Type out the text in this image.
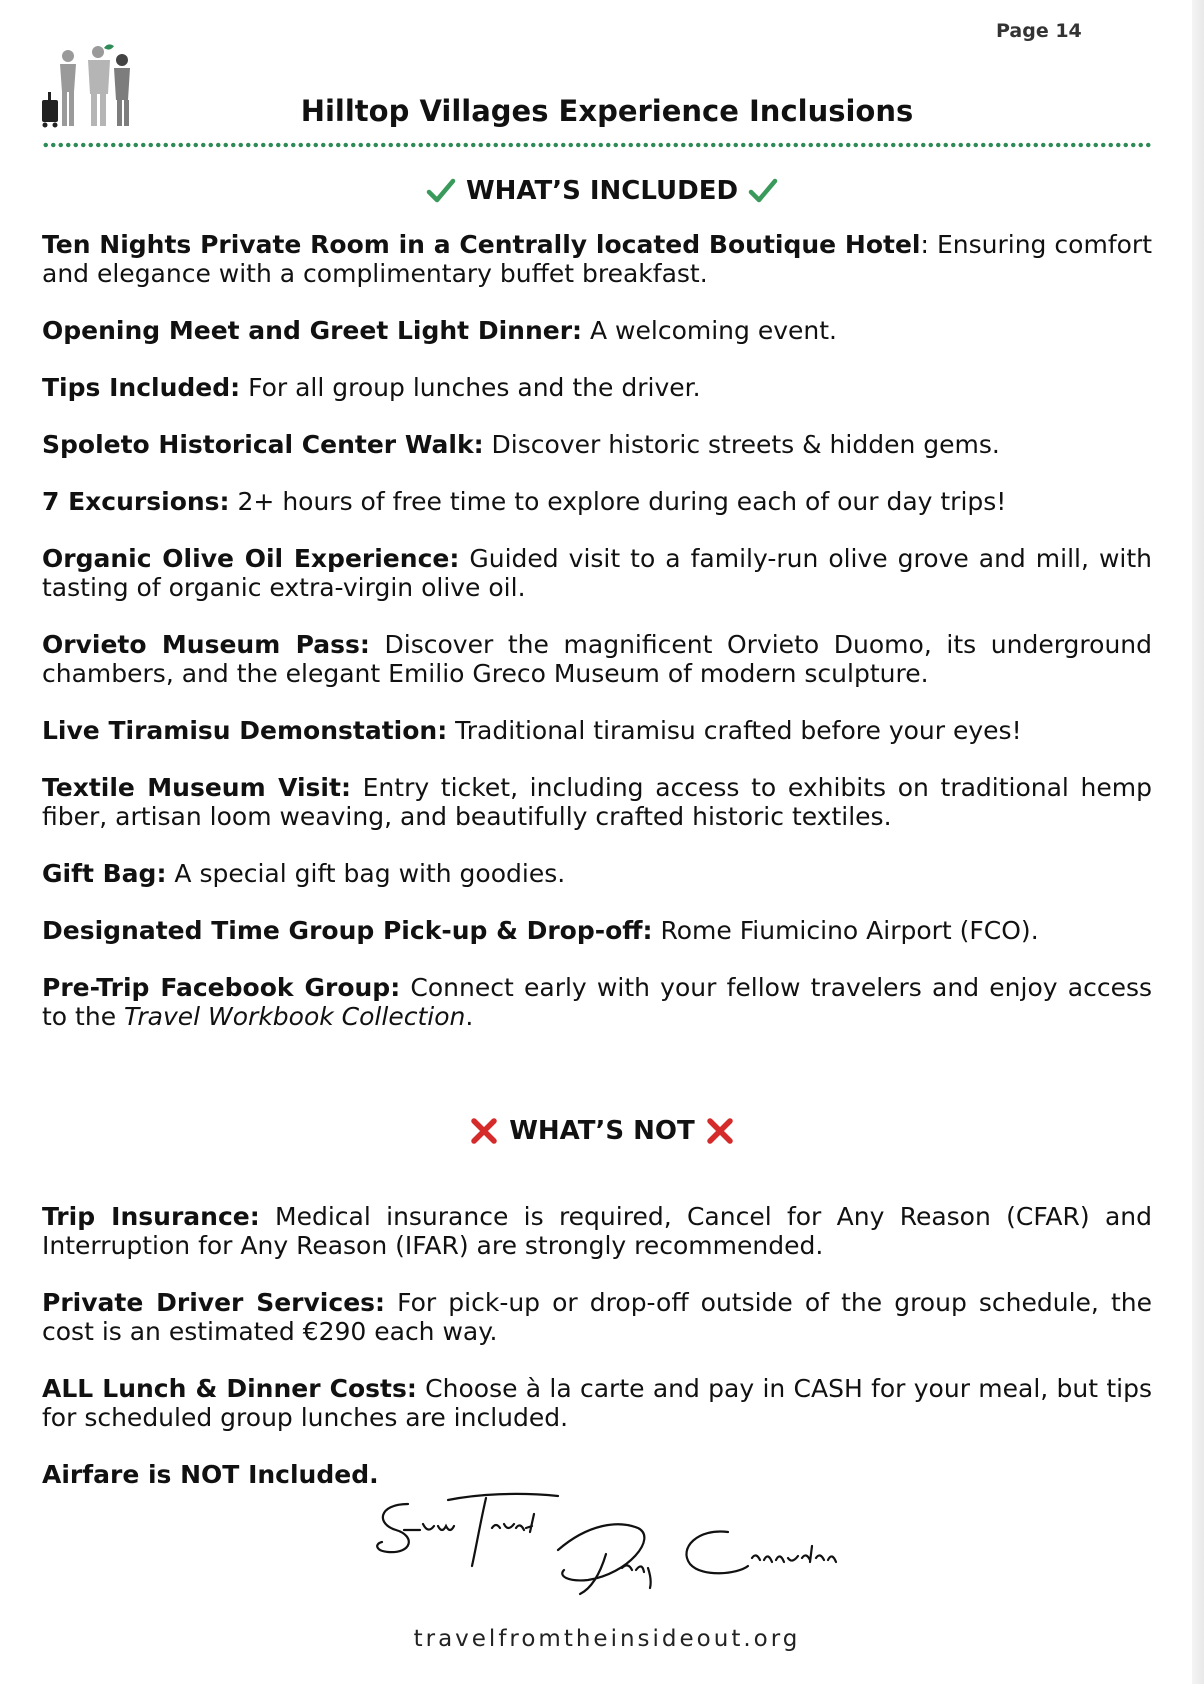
Page 14
Hilltop Villages Experience Inclusions
WHAT’S INCLUDED

Ten Nights Private Room in a Centrally located Boutique Hotel: Ensuring comfort and elegance with a complimentary buffet breakfast.

Opening Meet and Greet Light Dinner: A welcoming event.

Tips Included: For all group lunches and the driver.

Spoleto Historical Center Walk: Discover historic streets & hidden gems.

7 Excursions: 2+ hours of free time to explore during each of our day trips!

Organic Olive Oil Experience: Guided visit to a family-run olive grove and mill, with tasting of organic extra-virgin olive oil.

Orvieto Museum Pass: Discover the magnificent Orvieto Duomo, its underground chambers, and the elegant Emilio Greco Museum of modern sculpture.

Live Tiramisu Demonstation: Traditional tiramisu crafted before your eyes!

Textile Museum Visit: Entry ticket, including access to exhibits on traditional hemp fiber, artisan loom weaving, and beautifully crafted historic textiles.

Gift Bag: A special gift bag with goodies.

Designated Time Group Pick-up & Drop-off: Rome Fiumicino Airport (FCO).

Pre-Trip Facebook Group: Connect early with your fellow travelers and enjoy access to the Travel Workbook Collection.

WHAT’S NOT

Trip Insurance: Medical insurance is required, Cancel for Any Reason (CFAR) and Interruption for Any Reason (IFAR) are strongly recommended.

Private Driver Services: For pick-up or drop-off outside of the group schedule, the cost is an estimated €290 each way.

ALL Lunch & Dinner Costs: Choose à la carte and pay in CASH for your meal, but tips for scheduled group lunches are included.

Airfare is NOT Included.

travelfromtheinsideout.org
